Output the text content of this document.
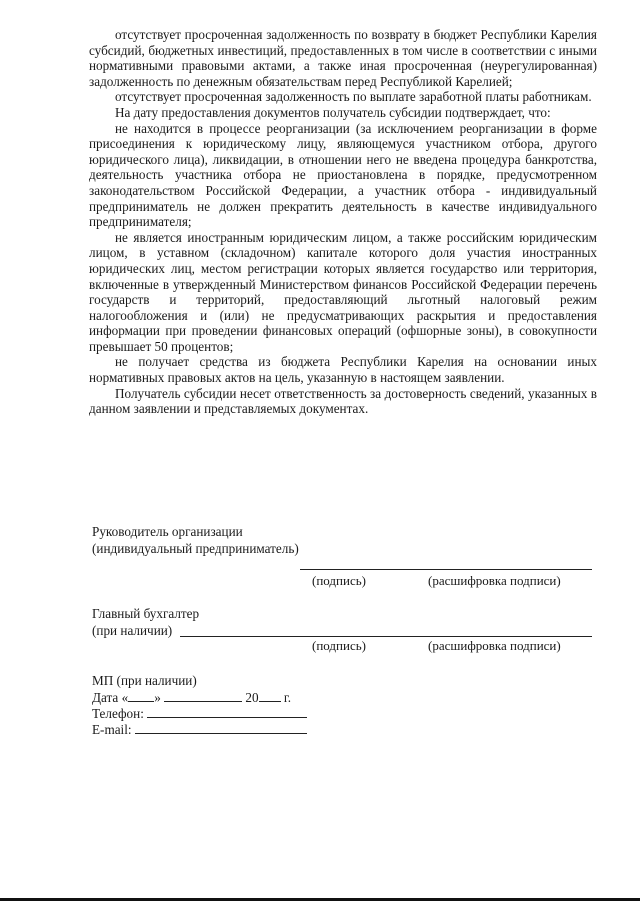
отсутствует просроченная задолженность по возврату в бюджет Республики Карелия субсидий, бюджетных инвестиций, предоставленных в том числе в соответствии с иными нормативными правовыми актами, а также иная просроченная (неурегулированная) задолженность по денежным обязательствам перед Республикой Карелией;

отсутствует просроченная задолженность по выплате заработной платы работникам.

На дату предоставления документов получатель субсидии подтверждает, что:

не находится в процессе реорганизации (за исключением реорганизации в форме присоединения к юридическому лицу, являющемуся участником отбора, другого юридического лица), ликвидации, в отношении него не введена процедура банкротства, деятельность участника отбора не приостановлена в порядке, предусмотренном законодательством Российской Федерации, а участник отбора - индивидуальный предприниматель не должен прекратить деятельность в качестве индивидуального предпринимателя;

не является иностранным юридическим лицом, а также российским юридическим лицом, в уставном (складочном) капитале которого доля участия иностранных юридических лиц, местом регистрации которых является государство или территория, включенные в утвержденный Министерством финансов Российской Федерации перечень государств и территорий, предоставляющий льготный налоговый режим налогообложения и (или) не предусматривающих раскрытия и предоставления информации при проведении финансовых операций (офшорные зоны), в совокупности превышает 50 процентов;

не получает средства из бюджета Республики Карелия на основании иных нормативных правовых актов на цель, указанную в настоящем заявлении.

Получатель субсидии несет ответственность за достоверность сведений, указанных в данном заявлении и представляемых документах.

Руководитель организации
(индивидуальный предприниматель)
(подпись)	(расшифровка подписи)
Главный бухгалтер
(при наличии)
(подпись)	(расшифровка подписи)
МП (при наличии)
Дата « »	20 г.
Телефон:
E-mail:
